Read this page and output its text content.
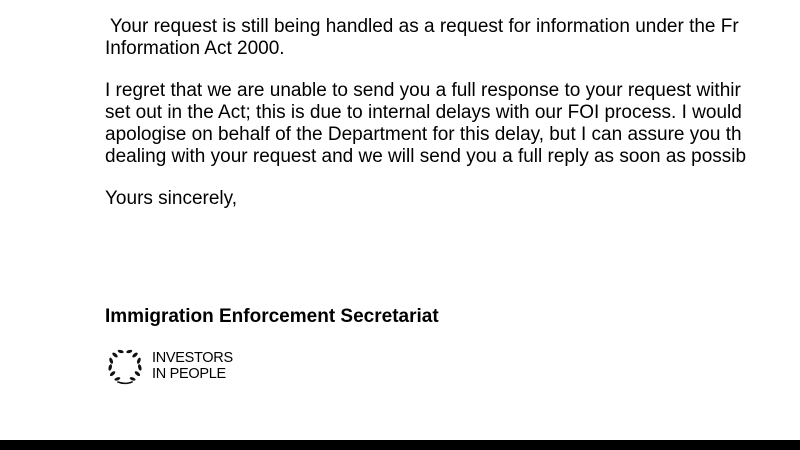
Your request is still being handled as a request for information under the Fr
Information Act 2000.

I regret that we are unable to send you a full response to your request withir
set out in the Act; this is due to internal delays with our FOI process. I would
apologise on behalf of the Department for this delay, but I can assure you th
dealing with your request and we will send you a full reply as soon as possib

Yours sincerely,

Immigration Enforcement Secretariat
INVESTORS
IN PEOPLE
